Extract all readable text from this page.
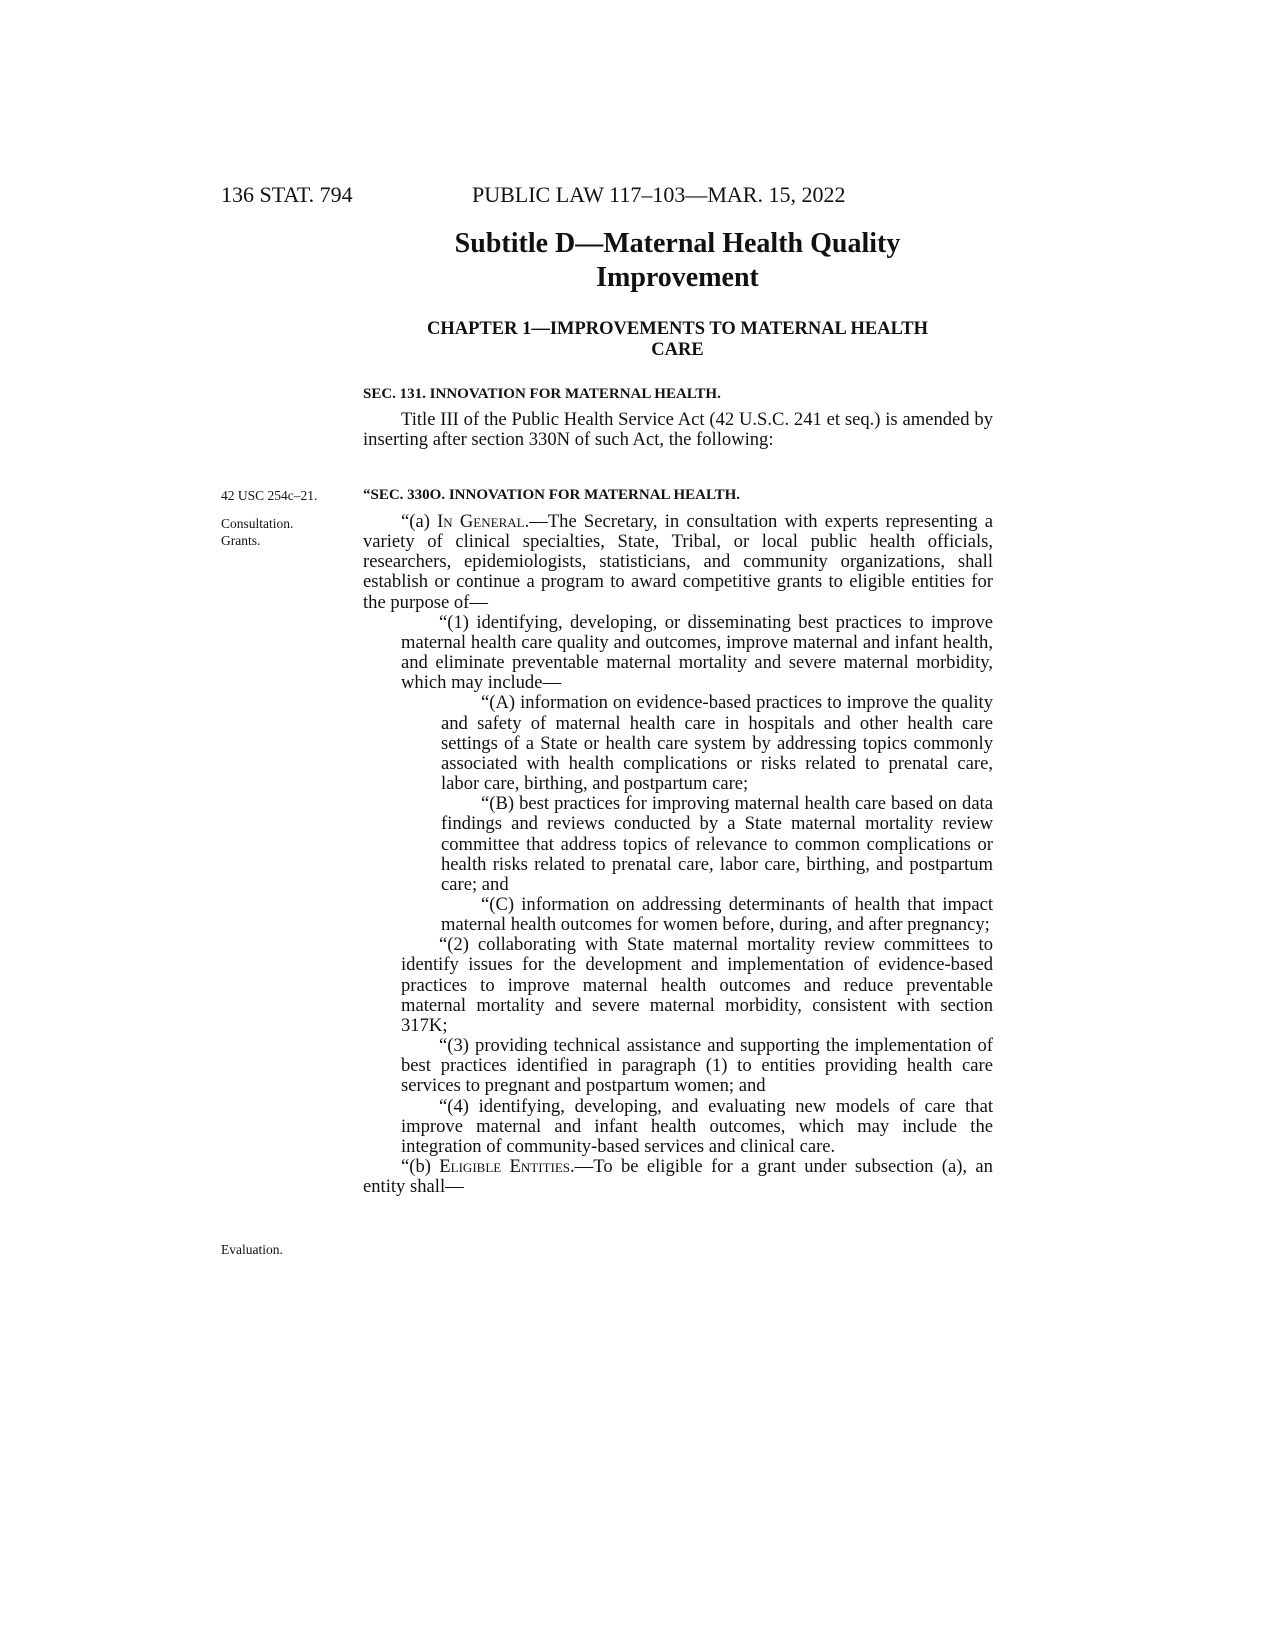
136 STAT. 794	PUBLIC LAW 117–103—MAR. 15, 2022
Subtitle D—Maternal Health Quality
Improvement
CHAPTER 1—IMPROVEMENTS TO MATERNAL HEALTH
CARE
SEC. 131. INNOVATION FOR MATERNAL HEALTH.

Title III of the Public Health Service Act (42 U.S.C. 241 et seq.) is amended by inserting after section 330N of such Act, the following:

42 USC 254c–21.	“SEC. 330O. INNOVATION FOR MATERNAL HEALTH.
Consultation.
Grants.
Evaluation.

“(a) In General.—The Secretary, in consultation with experts representing a variety of clinical specialties, State, Tribal, or local public health officials, researchers, epidemiologists, statisticians, and community organizations, shall establish or continue a program to award competitive grants to eligible entities for the purpose of—

“(1) identifying, developing, or disseminating best practices to improve maternal health care quality and outcomes, improve maternal and infant health, and eliminate preventable maternal mortality and severe maternal morbidity, which may include—

“(A) information on evidence-based practices to improve the quality and safety of maternal health care in hospitals and other health care settings of a State or health care system by addressing topics commonly associated with health complications or risks related to prenatal care, labor care, birthing, and postpartum care;

“(B) best practices for improving maternal health care based on data findings and reviews conducted by a State maternal mortality review committee that address topics of relevance to common complications or health risks related to prenatal care, labor care, birthing, and postpartum care; and

“(C) information on addressing determinants of health that impact maternal health outcomes for women before, during, and after pregnancy;

“(2) collaborating with State maternal mortality review committees to identify issues for the development and implementation of evidence-based practices to improve maternal health outcomes and reduce preventable maternal mortality and severe maternal morbidity, consistent with section 317K;

“(3) providing technical assistance and supporting the implementation of best practices identified in paragraph (1) to entities providing health care services to pregnant and postpartum women; and

“(4) identifying, developing, and evaluating new models of care that improve maternal and infant health outcomes, which may include the integration of community-based services and clinical care.

“(b) Eligible Entities.—To be eligible for a grant under subsection (a), an entity shall—
